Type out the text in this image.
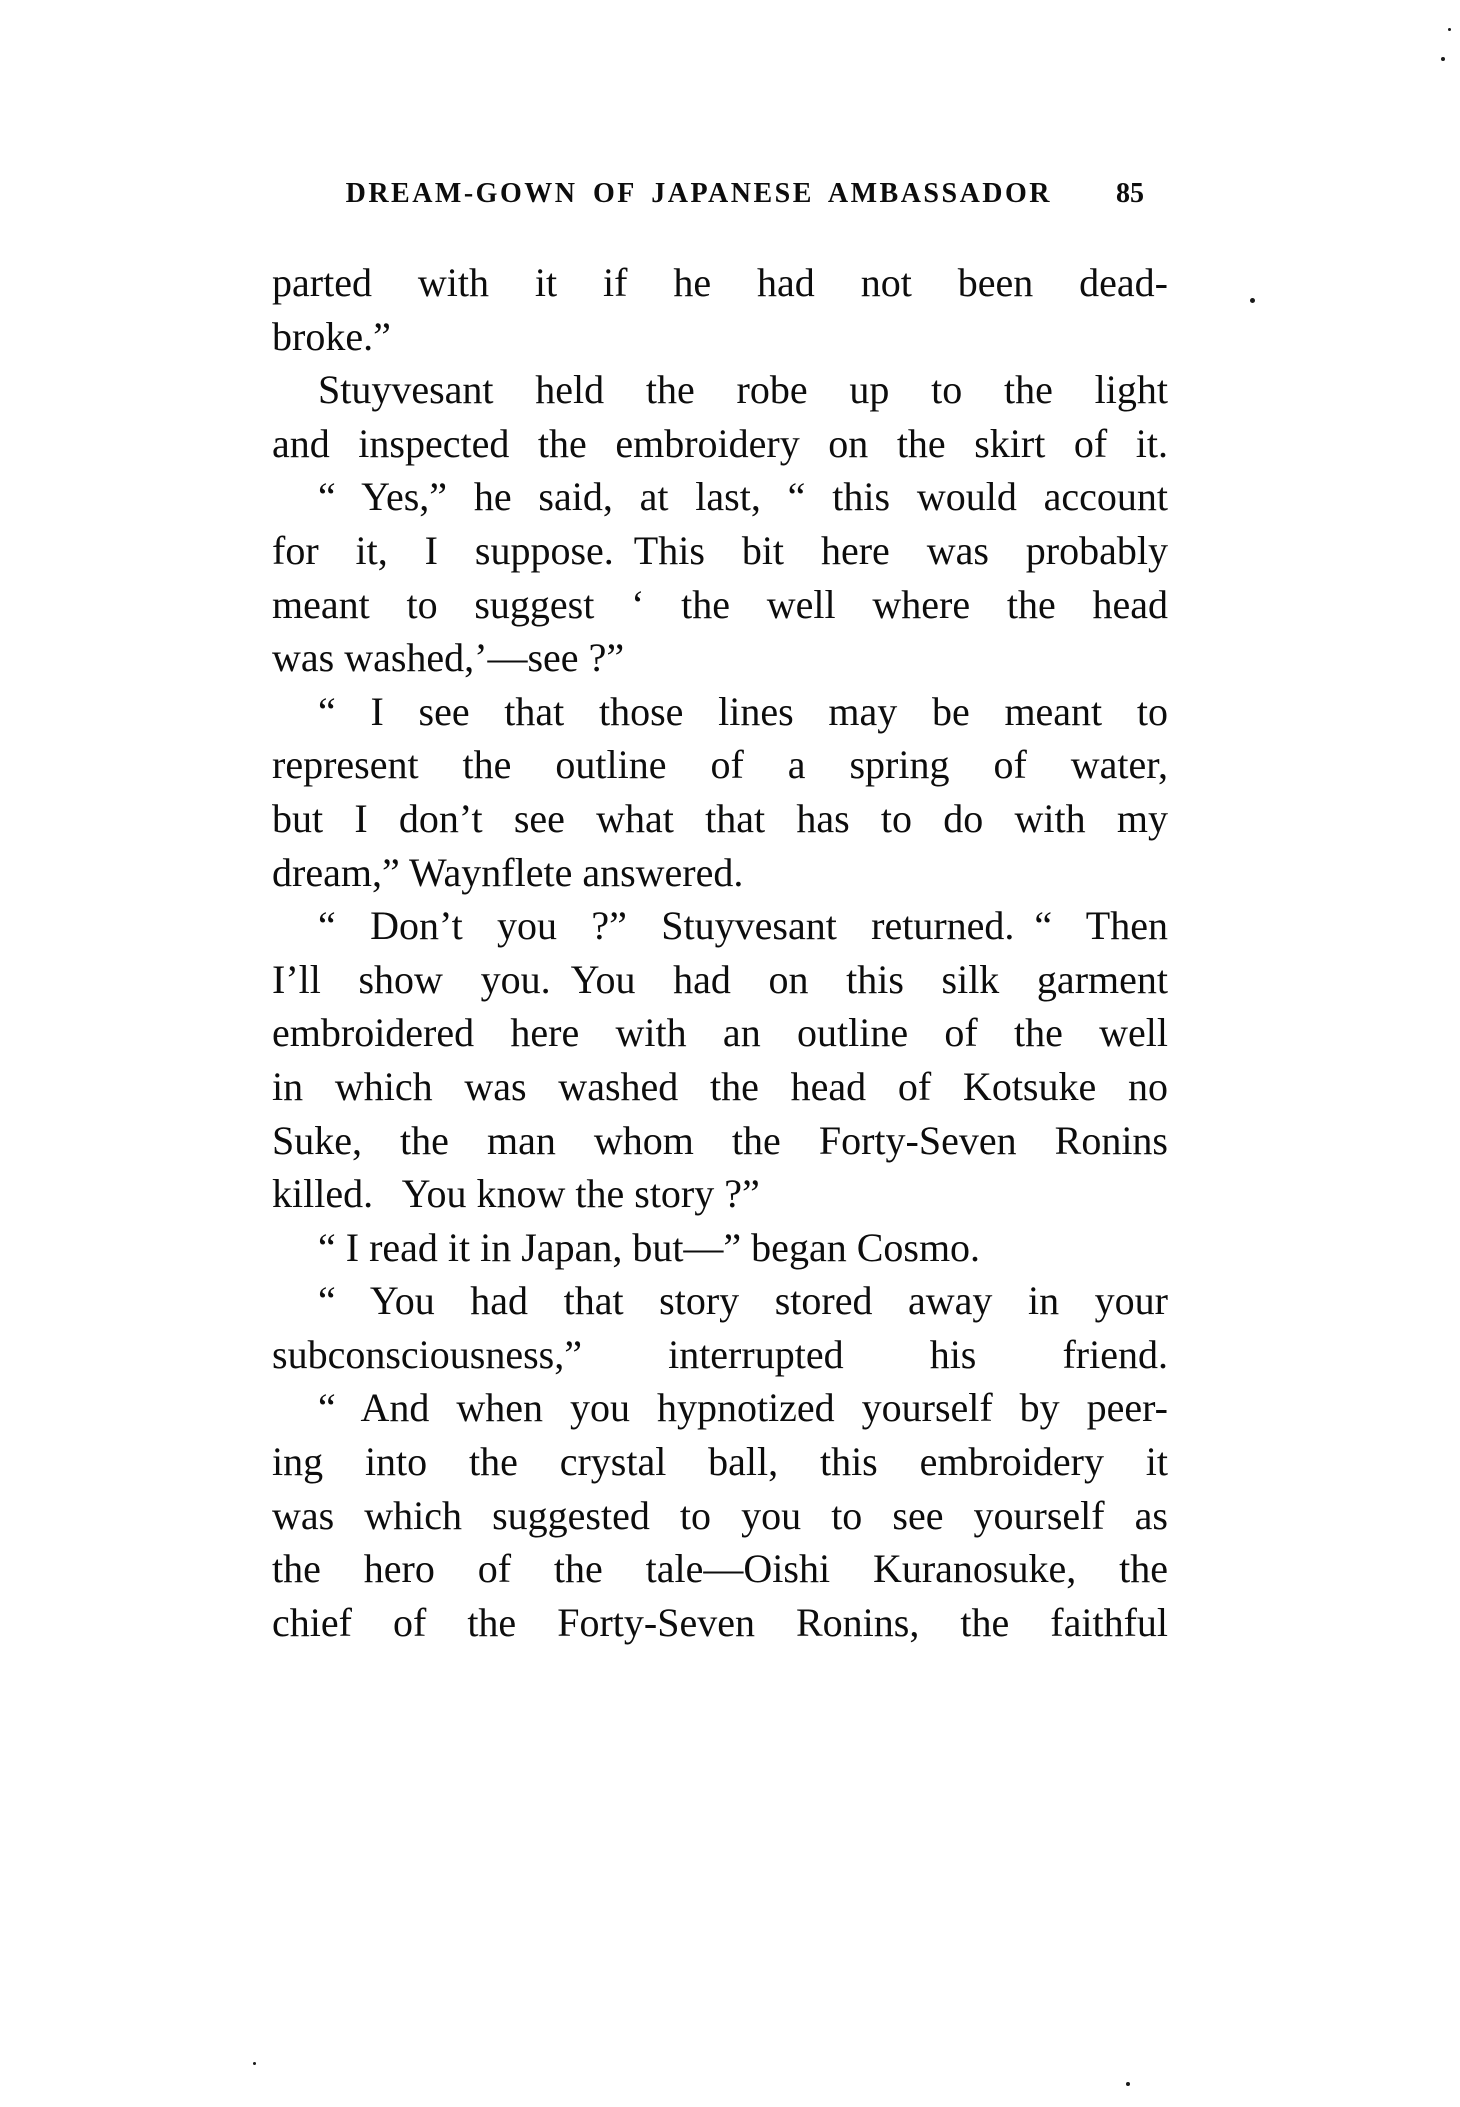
DREAM-GOWN OF JAPANESE AMBASSADOR 85
parted with it if he had not been dead-
broke.”
Stuyvesant held the robe up to the light
and inspected the embroidery on the skirt of it.
“ Yes,” he said, at last, “ this would account
for it, I suppose. This bit here was probably
meant to suggest ‘ the well where the head
was washed,’—see ?”
“ I see that those lines may be meant to
represent the outline of a spring of water,
but I don’t see what that has to do with my
dream,” Waynflete answered.
“ Don’t you ?” Stuyvesant returned. “ Then
I’ll show you. You had on this silk garment
embroidered here with an outline of the well
in which was washed the head of Kotsuke no
Suke, the man whom the Forty-Seven Ronins
killed.  You know the story ?”
“ I read it in Japan, but—” began Cosmo.
“ You had that story stored away in your
subconsciousness,” interrupted his friend.
“ And when you hypnotized yourself by peer-
ing into the crystal ball, this embroidery it
was which suggested to you to see yourself as
the hero of the tale—Oishi Kuranosuke, the
chief of the Forty-Seven Ronins, the faithful
